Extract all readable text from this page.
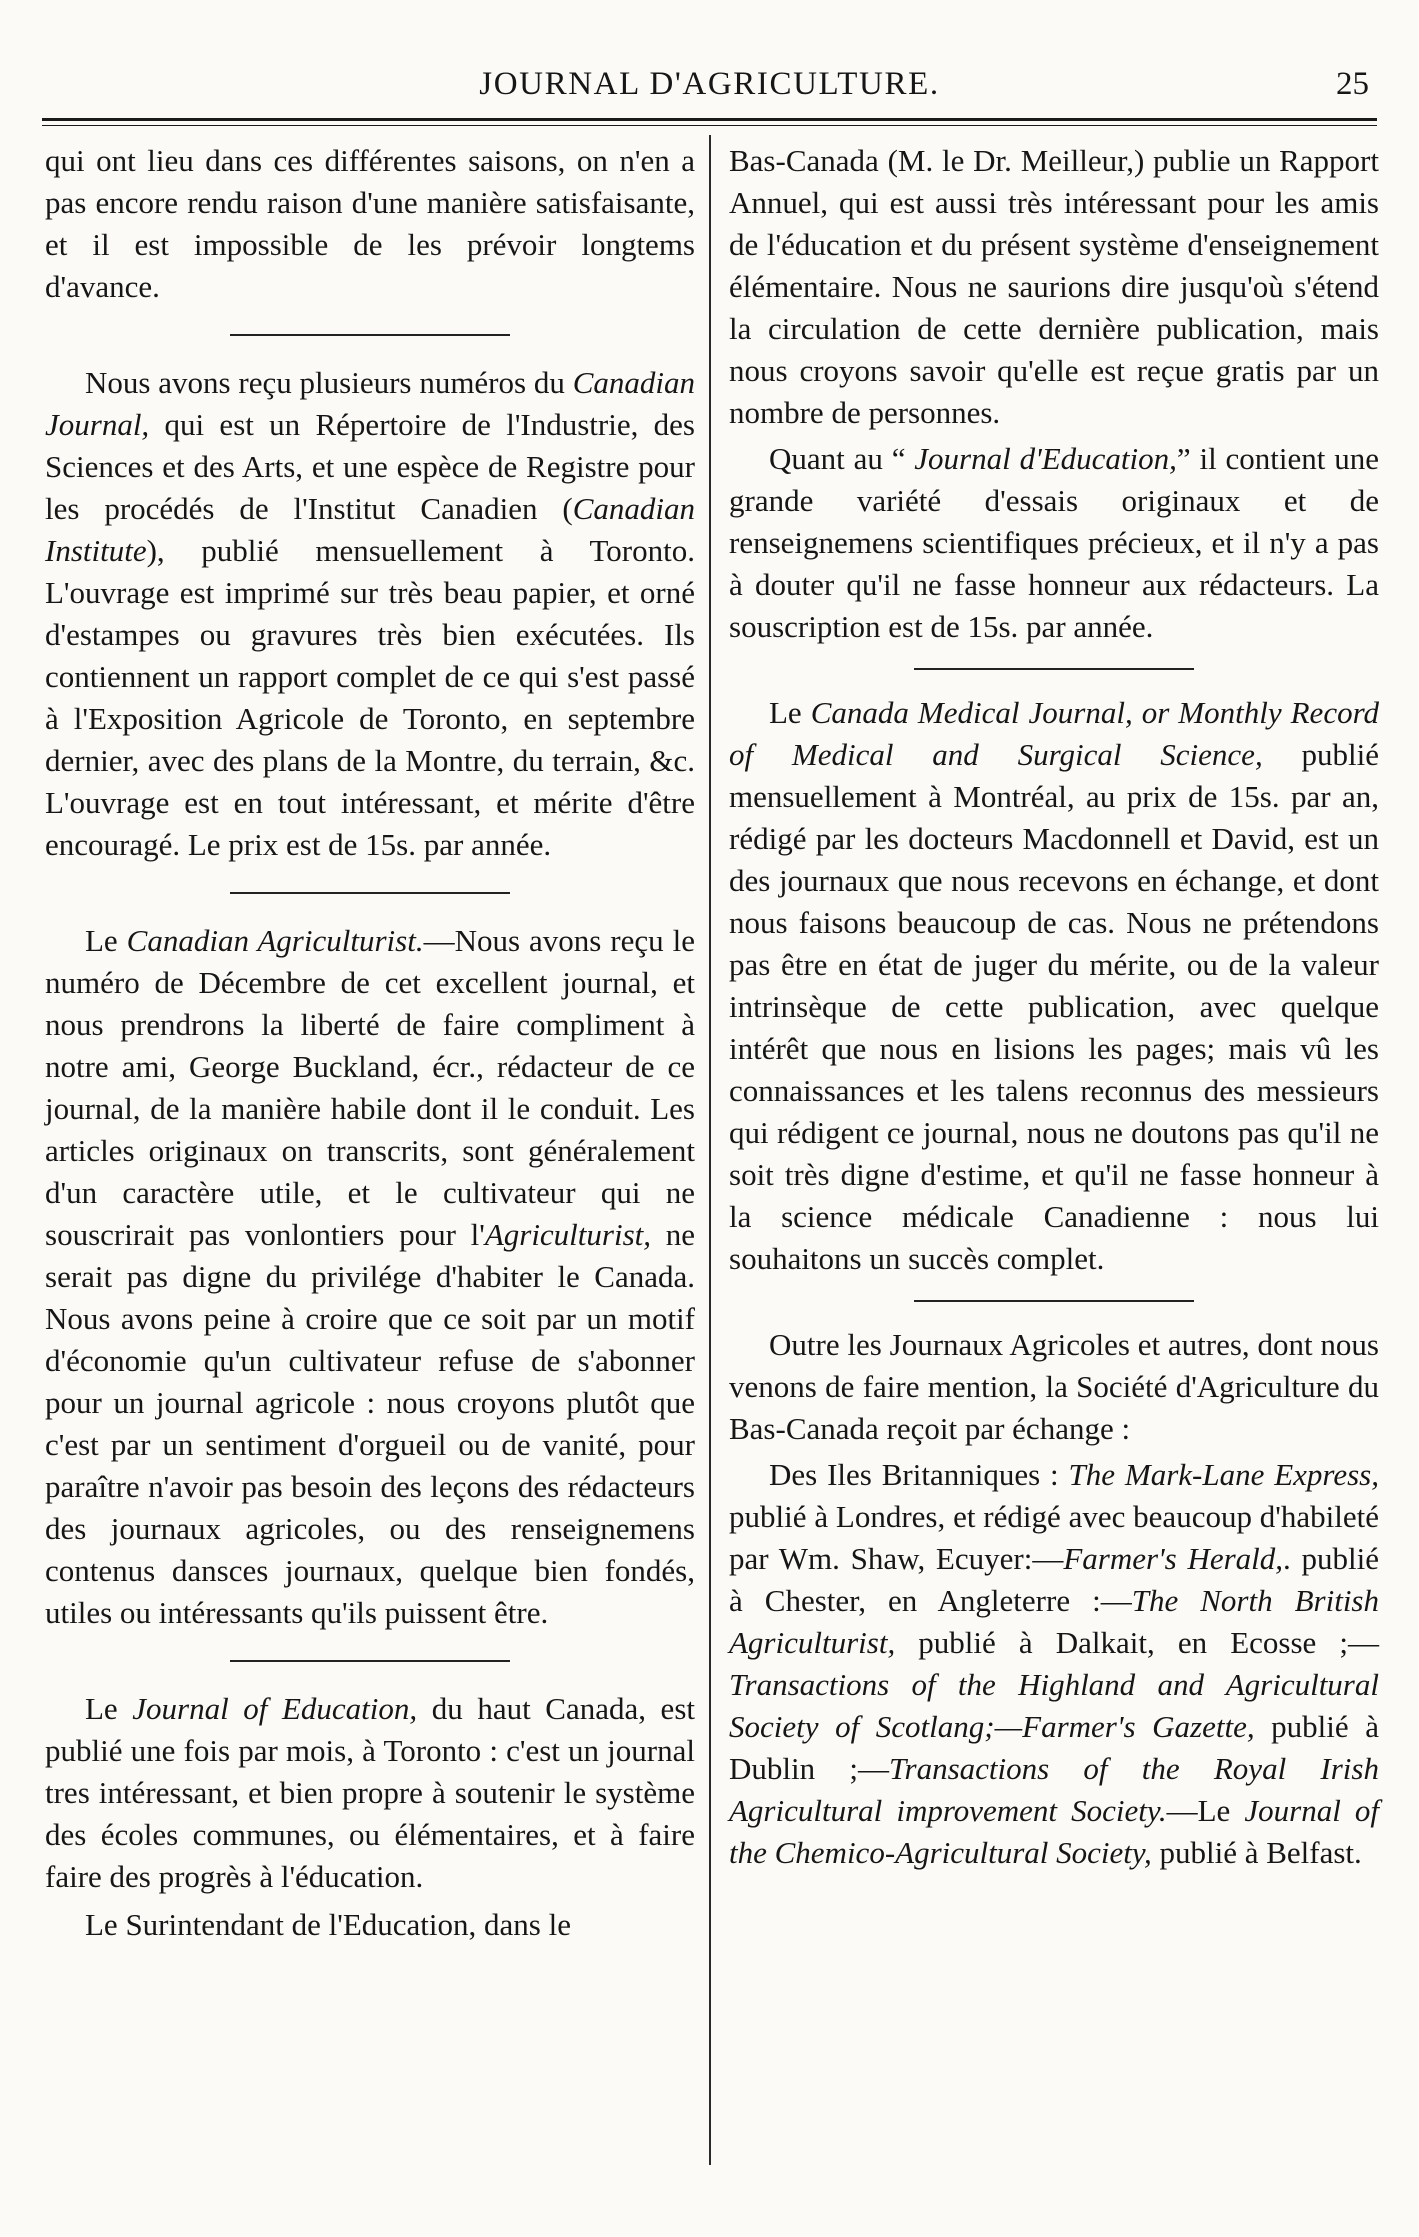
JOURNAL D'AGRICULTURE.	25

qui ont lieu dans ces différentes saisons, on n'en a pas encore rendu raison d'une manière satisfaisante, et il est impossible de les prévoir longtems d'avance.

Nous avons reçu plusieurs numéros du Canadian Journal, qui est un Répertoire de l'Industrie, des Sciences et des Arts, et une espèce de Registre pour les procédés de l'Institut Canadien (Canadian Institute), publié mensuellement à Toronto. L'ouvrage est imprimé sur très beau papier, et orné d'estampes ou gravures très bien exécutées. Ils contiennent un rapport complet de ce qui s'est passé à l'Exposition Agricole de Toronto, en septembre dernier, avec des plans de la Montre, du terrain, &c. L'ouvrage est en tout intéressant, et mérite d'être encouragé. Le prix est de 15s. par année.

Le Canadian Agriculturist.—Nous avons reçu le numéro de Décembre de cet excellent journal, et nous prendrons la liberté de faire compliment à notre ami, George Buckland, écr., rédacteur de ce journal, de la manière habile dont il le conduit. Les articles originaux on transcrits, sont généralement d'un caractère utile, et le cultivateur qui ne souscrirait pas vonlontiers pour l'Agriculturist, ne serait pas digne du privilége d'habiter le Canada. Nous avons peine à croire que ce soit par un motif d'économie qu'un cultivateur refuse de s'abonner pour un journal agricole : nous croyons plutôt que c'est par un sentiment d'orgueil ou de vanité, pour paraître n'avoir pas besoin des leçons des rédacteurs des journaux agricoles, ou des renseignemens contenus dansces journaux, quelque bien fondés, utiles ou intéressants qu'ils puissent être.

Le Journal of Education, du haut Canada, est publié une fois par mois, à Toronto : c'est un journal tres intéressant, et bien propre à soutenir le système des écoles communes, ou élémentaires, et à faire faire des progrès à l'éducation.

Le Surintendant de l'Education, dans le

Bas-Canada (M. le Dr. Meilleur,) publie un Rapport Annuel, qui est aussi très intéressant pour les amis de l'éducation et du présent système d'enseignement élémentaire. Nous ne saurions dire jusqu'où s'étend la circulation de cette dernière publication, mais nous croyons savoir qu'elle est reçue gratis par un nombre de personnes.

Quant au “ Journal d'Education,” il contient une grande variété d'essais originaux et de renseignemens scientifiques précieux, et il n'y a pas à douter qu'il ne fasse honneur aux rédacteurs. La souscription est de 15s. par année.

Le Canada Medical Journal, or Monthly Record of Medical and Surgical Science, publié mensuellement à Montréal, au prix de 15s. par an, rédigé par les docteurs Macdonnell et David, est un des journaux que nous recevons en échange, et dont nous faisons beaucoup de cas. Nous ne prétendons pas être en état de juger du mérite, ou de la valeur intrinsèque de cette publication, avec quelque intérêt que nous en lisions les pages; mais vû les connaissances et les talens reconnus des messieurs qui rédigent ce journal, nous ne doutons pas qu'il ne soit très digne d'estime, et qu'il ne fasse honneur à la science médicale Canadienne : nous lui souhaitons un succès complet.

Outre les Journaux Agricoles et autres, dont nous venons de faire mention, la Société d'Agriculture du Bas-Canada reçoit par échange :

Des Iles Britanniques : The Mark-Lane Express, publié à Londres, et rédigé avec beaucoup d'habileté par Wm. Shaw, Ecuyer:—Farmer's Herald,. publié à Chester, en Angleterre :—The North British Agriculturist, publié à Dalkait, en Ecosse ;—Transactions of the Highland and Agricultural Society of Scotlang;—Farmer's Gazette, publié à Dublin ;—Transactions of the Royal Irish Agricultural improvement Society.—Le Journal of the Chemico-Agricultural Society, publié à Belfast.
